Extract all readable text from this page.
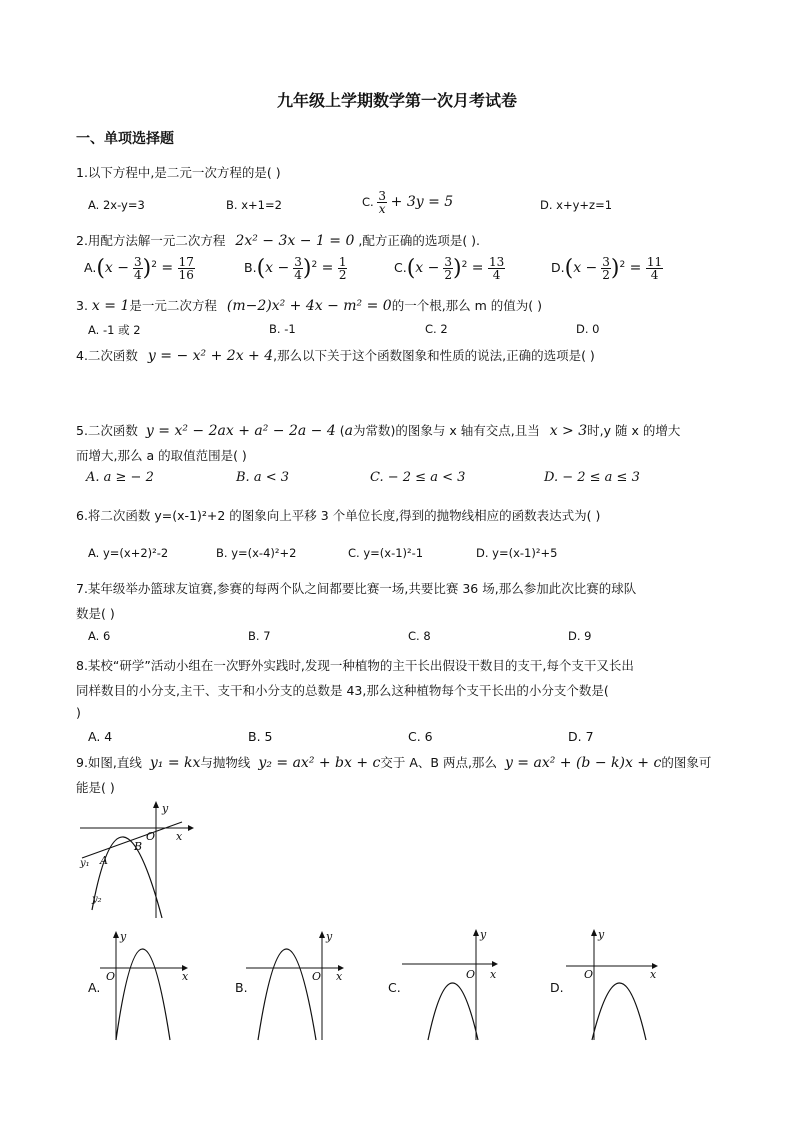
九年级上学期数学第一次月考试卷
一、单项选择题
1.以下方程中,是二元一次方程的是( )
A. 2x-y=3	B. x+1=2	C. $\frac{3}{x} + 3y = 5$	D. x+y+z=1
2.用配方法解一元二次方程 2x² − 3x − 1 = 0 ,配方正确的选项是( ).
$A.(x - \frac{3}{4} )^2 = \frac{17}{16}$	$B.(x - \frac{3}{4} )^2 = \frac{1}{2}$	$C.(x - \frac{3}{2} )^2 = \frac{13}{4}$	$D.(x - \frac{3}{2} )^2 = \frac{11}{4}$
3. x = 1是一元二次方程 (m−2)x² + 4x − m² = 0的一个根,那么 m 的值为( )
A. -1 或 2	B. -1	C. 2	D. 0
4.二次函数 y = − x² + 2x + 4,那么以下关于这个函数图象和性质的说法,正确的选项是( )
5.二次函数 y = x² − 2ax + a² − 2a − 4 (a为常数)的图象与 x 轴有交点,且当 x > 3时,y 随 x 的增大
而增大,那么 a 的取值范围是( )
A. a ≥ − 2	B. a < 3	C. − 2 ≤ a < 3	D. − 2 ≤ a ≤ 3
6.将二次函数 y=(x-1)²+2 的图象向上平移 3 个单位长度,得到的抛物线相应的函数表达式为( )
A. y=(x+2)²-2	B. y=(x-4)²+2	C. y=(x-1)²-1	D. y=(x-1)²+5
7.某年级举办篮球友谊赛,参赛的每两个队之间都要比赛一场,共要比赛 36 场,那么参加此次比赛的球队
数是( )
A. 6	B. 7	C. 8	D. 9
8.某校“研学”活动小组在一次野外实践时,发现一种植物的主干长出假设干数目的支干,每个支干又长出
同样数目的小分支,主干、支干和小分支的总数是 43,那么这种植物每个支干长出的小分支个数是(
)
A. 4	B. 5	C. 6	D. 7
9.如图,直线 y₁ = kx与抛物线 y₂ = ax² + bx + c交于 A、B 两点,那么 y = ax² + (b − k)x + c的图象可
能是( )
y
x
O
A
B
y₁
y₂
A.
y
x
O
B.
y
x
O
C.
y
x
O
D.
y
x
O
